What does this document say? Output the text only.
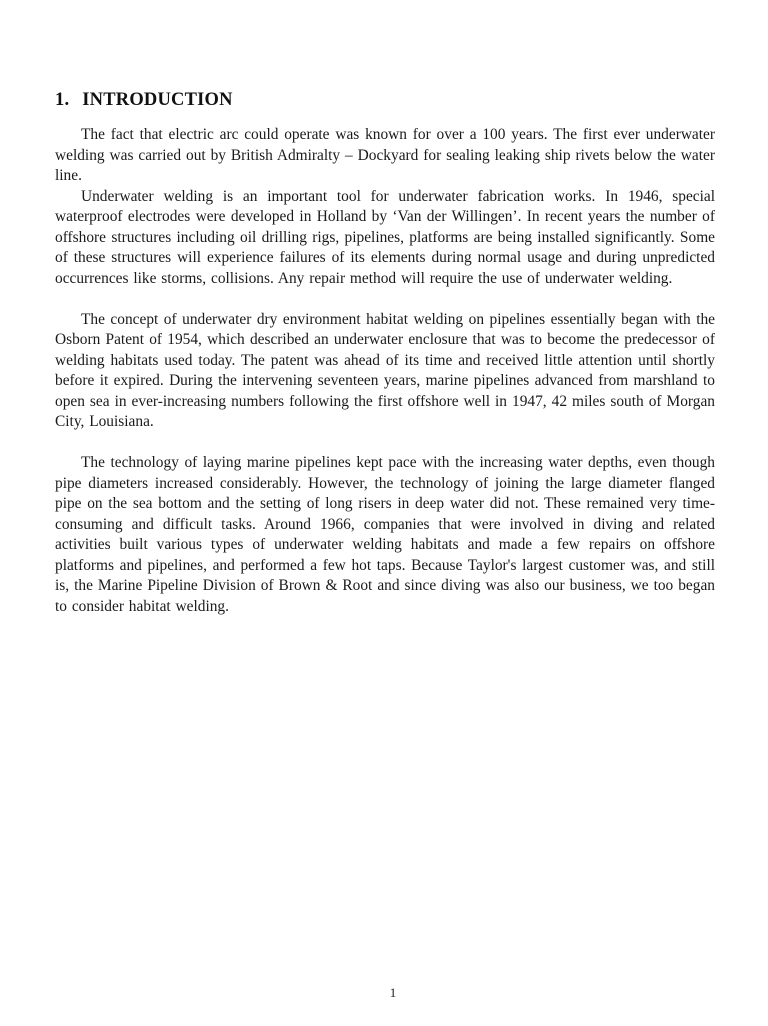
1. INTRODUCTION

The fact that electric arc could operate was known for over a 100 years. The first ever underwater welding was carried out by British Admiralty – Dockyard for sealing leaking ship rivets below the water line.

Underwater welding is an important tool for underwater fabrication works. In 1946, special waterproof electrodes were developed in Holland by ‘Van der Willingen’. In recent years the number of offshore structures including oil drilling rigs, pipelines, platforms are being installed significantly. Some of these structures will experience failures of its elements during normal usage and during unpredicted occurrences like storms, collisions. Any repair method will require the use of underwater welding.

The concept of underwater dry environment habitat welding on pipelines essentially began with the Osborn Patent of 1954, which described an underwater enclosure that was to become the predecessor of welding habitats used today. The patent was ahead of its time and received little attention until shortly before it expired. During the intervening seventeen years, marine pipelines advanced from marshland to open sea in ever-increasing numbers following the first offshore well in 1947, 42 miles south of Morgan City, Louisiana.

The technology of laying marine pipelines kept pace with the increasing water depths, even though pipe diameters increased considerably. However, the technology of joining the large diameter flanged pipe on the sea bottom and the setting of long risers in deep water did not. These remained very time-consuming and difficult tasks. Around 1966, companies that were involved in diving and related activities built various types of underwater welding habitats and made a few repairs on offshore platforms and pipelines, and performed a few hot taps. Because Taylor's largest customer was, and still is, the Marine Pipeline Division of Brown & Root and since diving was also our business, we too began to consider habitat welding.

1
